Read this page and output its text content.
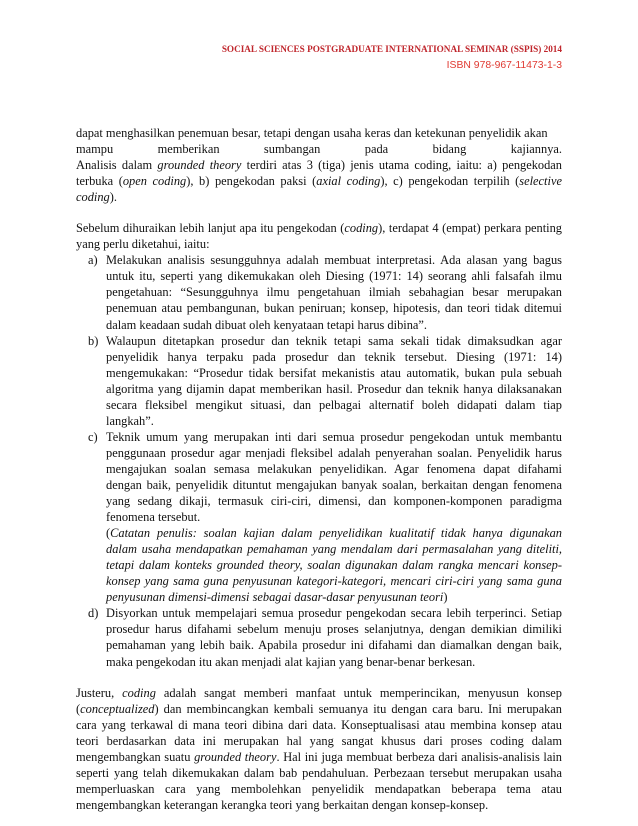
SOCIAL SCIENCES POSTGRADUATE INTERNATIONAL SEMINAR (SSPIS) 2014
ISBN 978-967-11473-1-3

dapat menghasilkan penemuan besar, tetapi dengan usaha keras dan ketekunan penyelidik akan

mampu memberikan sumbangan pada bidang kajiannya.
Analisis dalam grounded theory terdiri atas 3 (tiga) jenis utama coding, iaitu: a) pengekodan terbuka (open coding), b) pengekodan paksi (axial coding), c) pengekodan terpilih (selective coding).

Sebelum dihuraikan lebih lanjut apa itu pengekodan (coding), terdapat 4 (empat) perkara penting yang perlu diketahui, iaitu:

a) Melakukan analisis sesungguhnya adalah membuat interpretasi. Ada alasan yang bagus untuk itu, seperti yang dikemukakan oleh Diesing (1971: 14) seorang ahli falsafah ilmu pengetahuan: “Sesungguhnya ilmu pengetahuan ilmiah sebahagian besar merupakan penemuan atau pembangunan, bukan peniruan; konsep, hipotesis, dan teori tidak ditemui dalam keadaan sudah dibuat oleh kenyataan tetapi harus dibina”.
b) Walaupun ditetapkan prosedur dan teknik tetapi sama sekali tidak dimaksudkan agar penyelidik hanya terpaku pada prosedur dan teknik tersebut. Diesing (1971: 14) mengemukakan: “Prosedur tidak bersifat mekanistis atau automatik, bukan pula sebuah algoritma yang dijamin dapat memberikan hasil. Prosedur dan teknik hanya dilaksanakan secara fleksibel mengikut situasi, dan pelbagai alternatif boleh didapati dalam tiap langkah”.
c) Teknik umum yang merupakan inti dari semua prosedur pengekodan untuk membantu penggunaan prosedur agar menjadi fleksibel adalah penyerahan soalan. Penyelidik harus mengajukan soalan semasa melakukan penyelidikan. Agar fenomena dapat difahami dengan baik, penyelidik dituntut mengajukan banyak soalan, berkaitan dengan fenomena yang sedang dikaji, termasuk ciri-ciri, dimensi, dan komponen-komponen paradigma fenomena tersebut.
(Catatan penulis: soalan kajian dalam penyelidikan kualitatif tidak hanya digunakan dalam usaha mendapatkan pemahaman yang mendalam dari permasalahan yang diteliti, tetapi dalam konteks grounded theory, soalan digunakan dalam rangka mencari konsep-konsep yang sama guna penyusunan kategori-kategori, mencari ciri-ciri yang sama guna penyusunan dimensi-dimensi sebagai dasar-dasar penyusunan teori)
d) Disyorkan untuk mempelajari semua prosedur pengekodan secara lebih terperinci. Setiap prosedur harus difahami sebelum menuju proses selanjutnya, dengan demikian dimiliki pemahaman yang lebih baik. Apabila prosedur ini difahami dan diamalkan dengan baik, maka pengekodan itu akan menjadi alat kajian yang benar-benar berkesan.

Justeru, coding adalah sangat memberi manfaat untuk memperincikan, menyusun konsep (conceptualized) dan membincangkan kembali semuanya itu dengan cara baru. Ini merupakan cara yang terkawal di mana teori dibina dari data. Konseptualisasi atau membina konsep atau teori berdasarkan data ini merupakan hal yang sangat khusus dari proses coding dalam mengembangkan suatu grounded theory. Hal ini juga membuat berbeza dari analisis-analisis lain seperti yang telah dikemukakan dalam bab pendahuluan. Perbezaan tersebut merupakan usaha memperluaskan cara yang membolehkan penyelidik mendapatkan beberapa tema atau mengembangkan keterangan kerangka teori yang berkaitan dengan konsep-konsep.
